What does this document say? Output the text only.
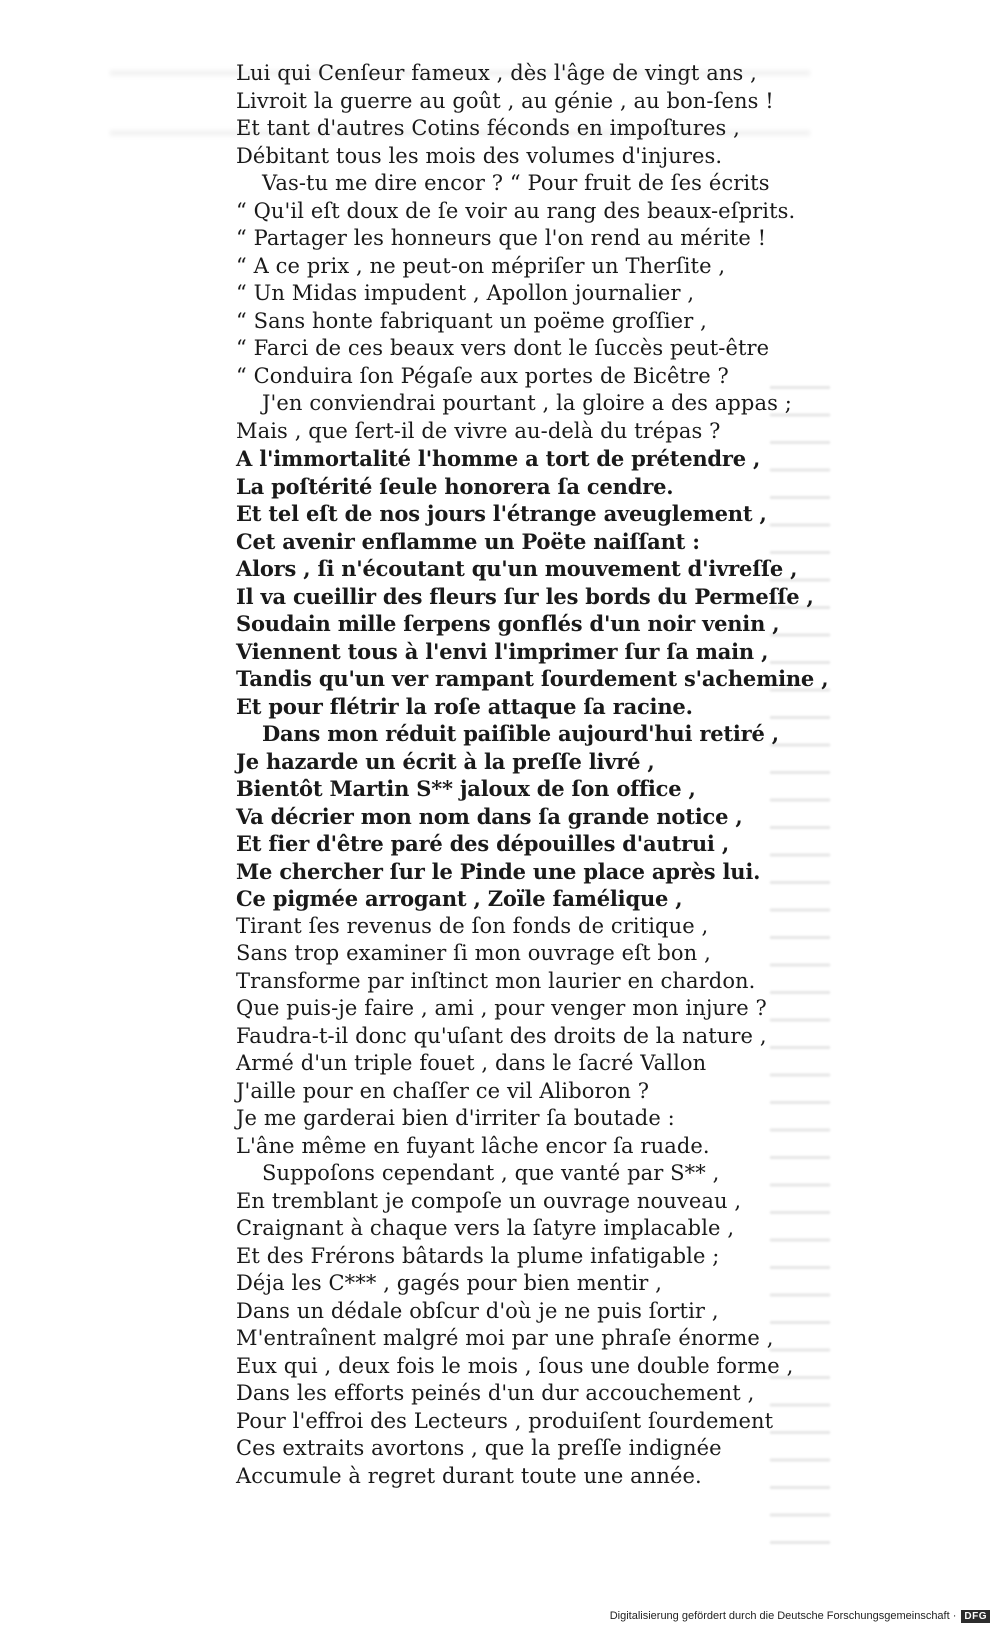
Lui qui Cenſeur fameux , dès l'âge de vingt ans ,
Livroit la guerre au goût , au génie , au bon-ſens !
Et tant d'autres Cotins féconds en impoſtures ,
Débitant tous les mois des volumes d'injures.
Vas-tu me dire encor ? “ Pour fruit de ſes écrits
“ Qu'il eſt doux de ſe voir au rang des beaux-eſprits.
“ Partager les honneurs que l'on rend au mérite !
“ A ce prix , ne peut-on mépriſer un Therſite ,
“ Un Midas impudent , Apollon journalier ,
“ Sans honte fabriquant un poëme groſſier ,
“ Farci de ces beaux vers dont le ſuccès peut-être
“ Conduira ſon Pégaſe aux portes de Bicêtre ?
J'en conviendrai pourtant , la gloire a des appas ;
Mais , que ſert-il de vivre au-delà du trépas ?
A l'immortalité l'homme a tort de prétendre ,
La poſtérité ſeule honorera ſa cendre.
Et tel eſt de nos jours l'étrange aveuglement ,
Cet avenir enflamme un Poëte naiſſant :
Alors , ſi n'écoutant qu'un mouvement d'ivreſſe ,
Il va cueillir des fleurs ſur les bords du Permeſſe ,
Soudain mille ſerpens gonflés d'un noir venin ,
Viennent tous à l'envi l'imprimer ſur ſa main ,
Tandis qu'un ver rampant ſourdement s'achemine ,
Et pour flétrir la roſe attaque ſa racine.
Dans mon réduit paiſible aujourd'hui retiré ,
Je hazarde un écrit à la preſſe livré ,
Bientôt Martin S** jaloux de ſon office ,
Va décrier mon nom dans ſa grande notice ,
Et fier d'être paré des dépouilles d'autrui ,
Me chercher ſur le Pinde une place après lui.
Ce pigmée arrogant , Zoïle famélique ,
Tirant ſes revenus de ſon fonds de critique ,
Sans trop examiner ſi mon ouvrage eſt bon ,
Transforme par inſtinct mon laurier en chardon.
Que puis-je faire , ami , pour venger mon injure ?
Faudra-t-il donc qu'uſant des droits de la nature ,
Armé d'un triple fouet , dans le ſacré Vallon
J'aille pour en chaſſer ce vil Aliboron ?
Je me garderai bien d'irriter ſa boutade :
L'âne même en fuyant lâche encor ſa ruade.
Suppoſons cependant , que vanté par S** ,
En tremblant je compoſe un ouvrage nouveau ,
Craignant à chaque vers la ſatyre implacable ,
Et des Frérons bâtards la plume infatigable ;
Déja les C*** , gagés pour bien mentir ,
Dans un dédale obſcur d'où je ne puis ſortir ,
M'entraînent malgré moi par une phraſe énorme ,
Eux qui , deux fois le mois , ſous une double forme ,
Dans les efforts peinés d'un dur accouchement ,
Pour l'effroi des Lecteurs , produiſent ſourdement
Ces extraits avortons , que la preſſe indignée
Accumule à regret durant toute une année.
Digitalisierung gefördert durch die Deutsche Forschungsgemeinschaft · DFG
